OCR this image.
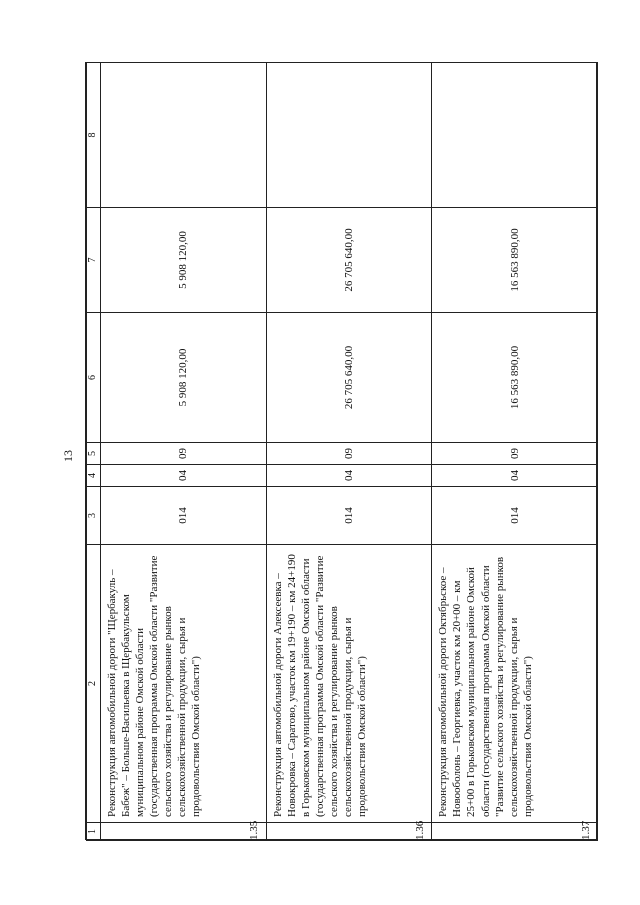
13
1	2	3	4	5	6	7	8
1.35	Реконструкция автомобильной дороги "Щербакуль – Бабеж" – Больше-Васильевка в Щербакульском муниципальном районе Омской области (государственная программа Омской области "Развитие сельского хозяйства и регулирование рынков сельскохозяйственной продукции, сырья и продовольствия Омской области")	014	04	09	5 908 120,00	5 908 120,00	
1.36	Реконструкция автомобильной дороги Алексеевка – Новокровка – Саратово, участок км 19+190 – км 24+190 в Горьковском муниципальном районе Омской области (государственная программа Омской области "Развитие сельского хозяйства и регулирование рынков сельскохозяйственной продукции, сырья и продовольствия Омской области")	014	04	09	26 705 640,00	26 705 640,00	
1.37	Реконструкция автомобильной дороги Октябрьское – Новооболонь – Георгиевка, участок км 20+00 – км 25+00 в Горьковском муниципальном районе Омской области (государственная программа Омской области "Развитие сельского хозяйства и регулирование рынков сельскохозяйственной продукции, сырья и продовольствия Омской области")	014	04	09	16 563 890,00	16 563 890,00	
